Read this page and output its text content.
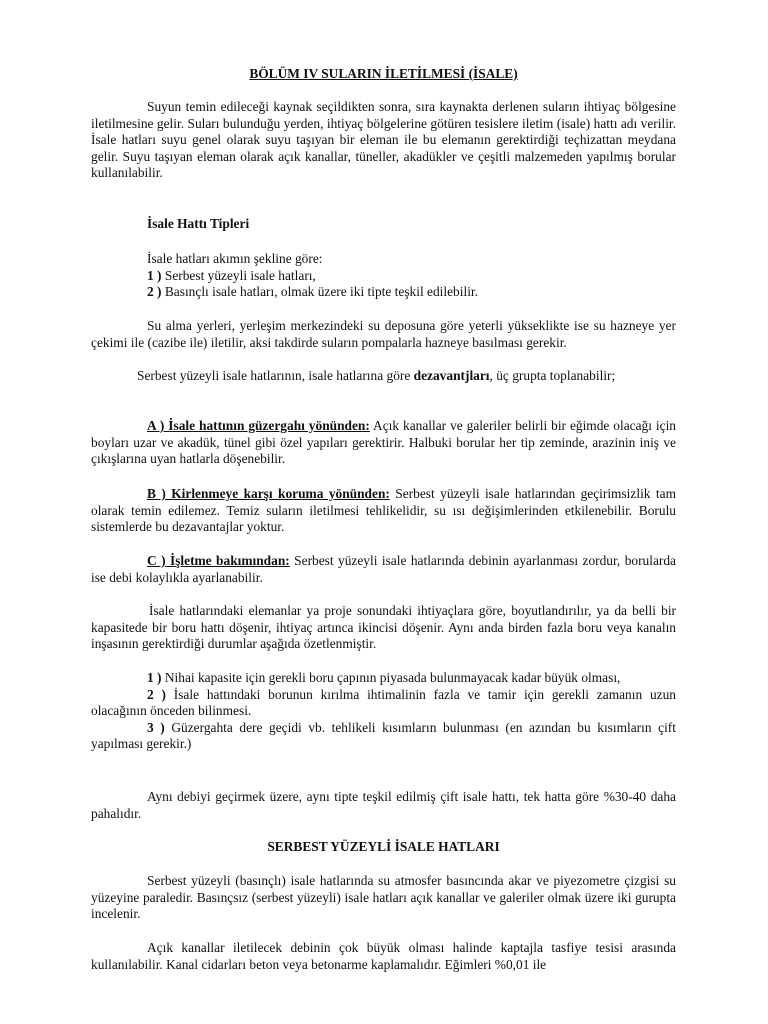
BÖLÜM IV SULARIN İLETİLMESİ (İSALE)

Suyun temin edileceği kaynak seçildikten sonra, sıra kaynakta derlenen suların ihtiyaç bölgesine iletilmesine gelir. Suları bulunduğu yerden, ihtiyaç bölgelerine götüren tesislere iletim (isale) hattı adı verilir. İsale hatları suyu genel olarak suyu taşıyan bir eleman ile bu elemanın gerektirdiği teçhizattan meydana gelir. Suyu taşıyan eleman olarak açık kanallar, tüneller, akadükler ve çeşitli malzemeden yapılmış borular kullanılabilir.

İsale Hattı Tipleri

İsale hatları akımın şekline göre:
1 ) Serbest yüzeyli isale hatları,
2 ) Basınçlı isale hatları, olmak üzere iki tipte teşkil edilebilir.

Su alma yerleri, yerleşim merkezindeki su deposuna göre yeterli yükseklikte ise su hazneye yer çekimi ile (cazibe ile) iletilir, aksi takdirde suların pompalarla hazneye basılması gerekir.

Serbest yüzeyli isale hatlarının, isale hatlarına göre dezavantjları, üç grupta toplanabilir;

A ) İsale hattının güzergahı yönünden: Açık kanallar ve galeriler belirli bir eğimde olacağı için boyları uzar ve akadük, tünel gibi özel yapıları gerektirir. Halbuki borular her tip zeminde, arazinin iniş ve çıkışlarına uyan hatlarla döşenebilir.

B ) Kirlenmeye karşı koruma yönünden: Serbest yüzeyli isale hatlarından geçirimsizlik tam olarak temin edilemez. Temiz suların iletilmesi tehlikelidir, su ısı değişimlerinden etkilenebilir. Borulu sistemlerde bu dezavantajlar yoktur.

C ) İşletme bakımından: Serbest yüzeyli isale hatlarında debinin ayarlanması zordur, borularda ise debi kolaylıkla ayarlanabilir.

İsale hatlarındaki elemanlar ya proje sonundaki ihtiyaçlara göre, boyutlandırılır, ya da belli bir kapasitede bir boru hattı döşenir, ihtiyaç artınca ikincisi döşenir. Aynı anda birden fazla boru veya kanalın inşasının gerektirdiği durumlar aşağıda özetlenmiştir.

1 ) Nihai kapasite için gerekli boru çapının piyasada bulunmayacak kadar büyük olması,

2 ) İsale hattındaki borunun kırılma ihtimalinin fazla ve tamir için gerekli zamanın uzun olacağının önceden bilinmesi.

3 ) Güzergahta dere geçidi vb. tehlikeli kısımların bulunması (en azından bu kısımların çift yapılması gerekir.)

Aynı debiyi geçirmek üzere, aynı tipte teşkil edilmiş çift isale hattı, tek hatta göre %30-40 daha pahalıdır.

SERBEST YÜZEYLİ İSALE HATLARI

Serbest yüzeyli (basınçlı) isale hatlarında su atmosfer basıncında akar ve piyezometre çizgisi su yüzeyine paraledir. Basınçsız (serbest yüzeyli) isale hatları açık kanallar ve galeriler olmak üzere iki gurupta incelenir.

Açık kanallar iletilecek debinin çok büyük olması halinde kaptajla tasfiye tesisi arasında kullanılabilir. Kanal cidarları beton veya betonarme kaplamalıdır. Eğimleri %0,01 ile
